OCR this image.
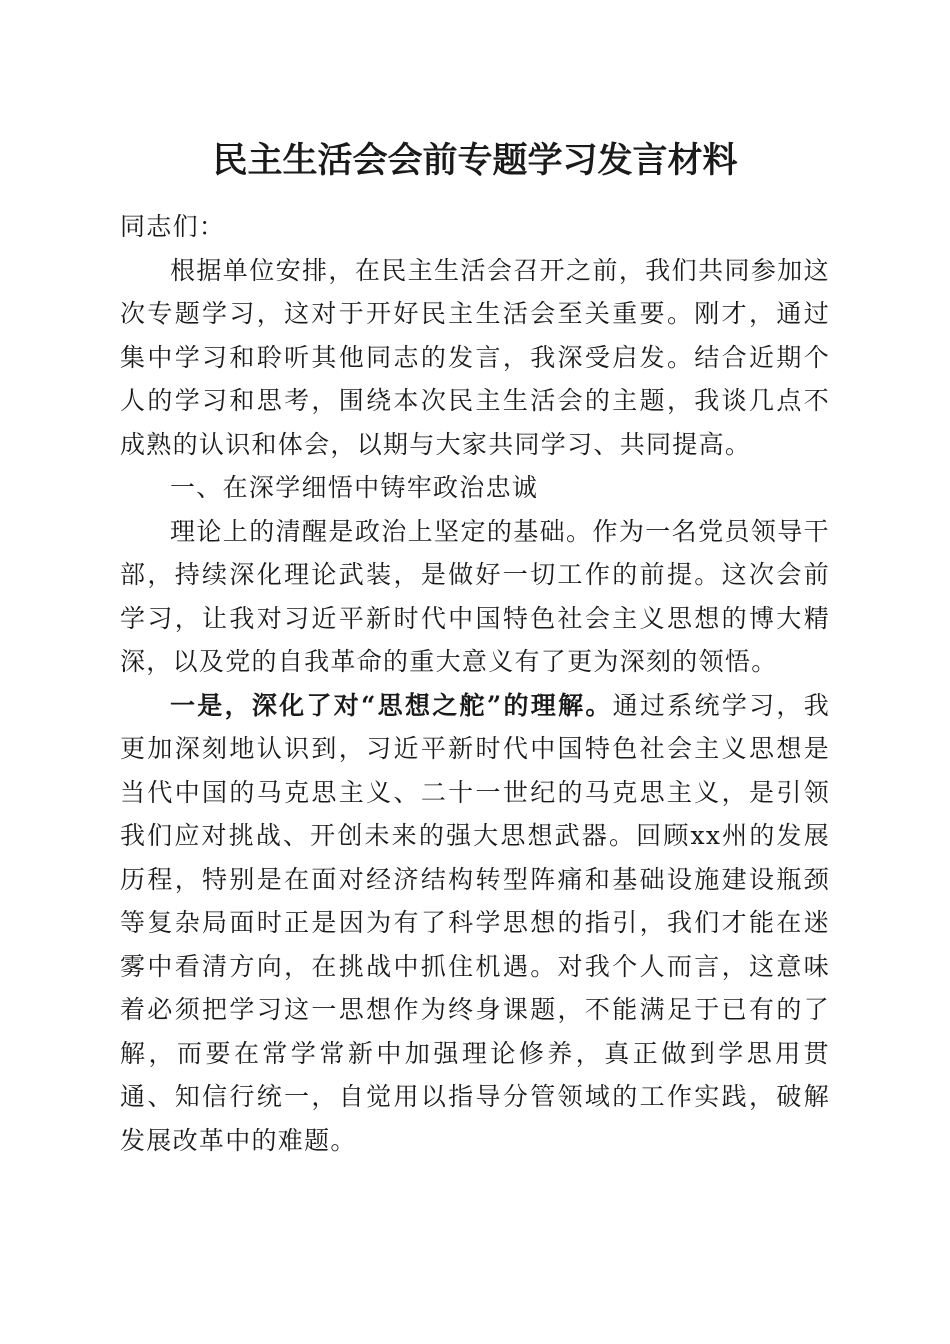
民主生活会会前专题学习发言材料

同志们：

根据单位安排，在民主生活会召开之前，我们共同参加这次专题学习，这对于开好民主生活会至关重要。刚才，通过集中学习和聆听其他同志的发言，我深受启发。结合近期个人的学习和思考，围绕本次民主生活会的主题，我谈几点不成熟的认识和体会，以期与大家共同学习、共同提高。

一、在深学细悟中铸牢政治忠诚

理论上的清醒是政治上坚定的基础。作为一名党员领导干部，持续深化理论武装，是做好一切工作的前提。这次会前学习，让我对习近平新时代中国特色社会主义思想的博大精深，以及党的自我革命的重大意义有了更为深刻的领悟。

一是，深化了对“思想之舵”的理解。通过系统学习，我更加深刻地认识到，习近平新时代中国特色社会主义思想是当代中国的马克思主义、二十一世纪的马克思主义，是引领我们应对挑战、开创未来的强大思想武器。回顾xx州的发展历程，特别是在面对经济结构转型阵痛和基础设施建设瓶颈等复杂局面时正是因为有了科学思想的指引，我们才能在迷雾中看清方向，在挑战中抓住机遇。对我个人而言，这意味着必须把学习这一思想作为终身课题，不能满足于已有的了解，而要在常学常新中加强理论修养，真正做到学思用贯通、知信行统一，自觉用以指导分管领域的工作实践，破解发展改革中的难题。
